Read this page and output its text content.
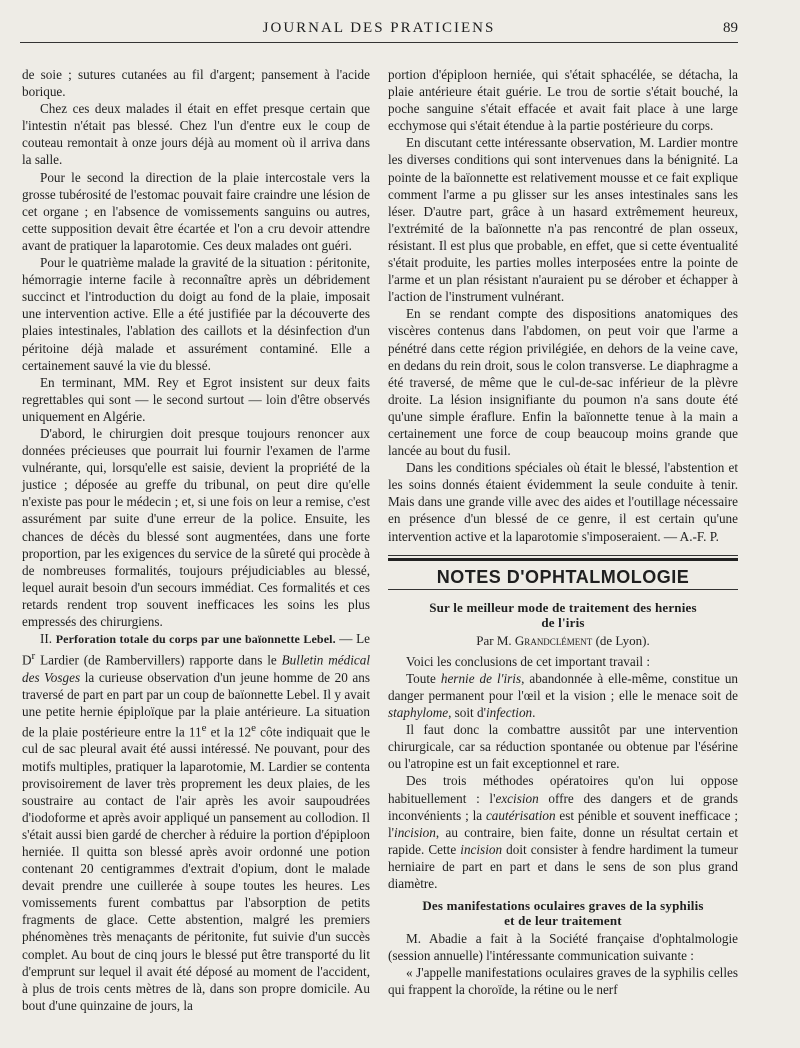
JOURNAL DES PRATICIENS	89

de soie ; sutures cutanées au fil d'argent; pansement à l'acide borique.

Chez ces deux malades il était en effet presque certain que l'intestin n'était pas blessé. Chez l'un d'entre eux le coup de couteau remontait à onze jours déjà au moment où il arriva dans la salle.

Pour le second la direction de la plaie intercostale vers la grosse tubérosité de l'estomac pouvait faire craindre une lésion de cet organe ; en l'absence de vomissements sanguins ou autres, cette supposition devait être écartée et l'on a cru devoir attendre avant de pratiquer la laparotomie. Ces deux malades ont guéri.

Pour le quatrième malade la gravité de la situation : péritonite, hémorragie interne facile à reconnaître après un débridement succinct et l'introduction du doigt au fond de la plaie, imposait une intervention active. Elle a été justifiée par la découverte des plaies intestinales, l'ablation des caillots et la désinfection d'un péritoine déjà malade et assurément contaminé. Elle a certainement sauvé la vie du blessé.

En terminant, MM. Rey et Egrot insistent sur deux faits regrettables qui sont — le second surtout — loin d'être observés uniquement en Algérie.

D'abord, le chirurgien doit presque toujours renoncer aux données précieuses que pourrait lui fournir l'examen de l'arme vulnérante, qui, lorsqu'elle est saisie, devient la propriété de la justice ; déposée au greffe du tribunal, on peut dire qu'elle n'existe pas pour le médecin ; et, si une fois on leur a remise, c'est assurément par suite d'une erreur de la police. Ensuite, les chances de décès du blessé sont augmentées, dans une forte proportion, par les exigences du service de la sûreté qui procède à de nombreuses formalités, toujours préjudiciables au blessé, lequel aurait besoin d'un secours immédiat. Ces formalités et ces retards rendent trop souvent inefficaces les soins les plus empressés des chirurgiens.

II. Perforation totale du corps par une baïonnette Lebel. — Le $D^r$ Lardier (de Rambervillers) rapporte dans le Bulletin médical des Vosges la curieuse observation d'un jeune homme de 20 ans traversé de part en part par un coup de baïonnette Lebel. Il y avait une petite hernie épiploïque par la plaie antérieure. La situation de la plaie postérieure entre la 11e et la 12e côte indiquait que le cul de sac pleural avait été aussi intéressé. Ne pouvant, pour des motifs multiples, pratiquer la laparotomie, M. Lardier se contenta provisoirement de laver très proprement les deux plaies, de les soustraire au contact de l'air après les avoir saupoudrées d'iodoforme et après avoir appliqué un pansement au collodion. Il s'était aussi bien gardé de chercher à réduire la portion d'épiploon herniée. Il quitta son blessé après avoir ordonné une potion contenant 20 centigrammes d'extrait d'opium, dont le malade devait prendre une cuillerée à soupe toutes les heures. Les vomissements furent combattus par l'absorption de petits fragments de glace. Cette abstention, malgré les premiers phénomènes très menaçants de péritonite, fut suivie d'un succès complet. Au bout de cinq jours le blessé put être transporté du lit d'emprunt sur lequel il avait été déposé au moment de l'accident, à plus de trois cents mètres de là, dans son propre domicile. Au bout d'une quinzaine de jours, la

portion d'épiploon herniée, qui s'était sphacélée, se détacha, la plaie antérieure était guérie. Le trou de sortie s'était bouché, la poche sanguine s'était effacée et avait fait place à une large ecchymose qui s'était étendue à la partie postérieure du corps.

En discutant cette intéressante observation, M. Lardier montre les diverses conditions qui sont intervenues dans la bénignité. La pointe de la baïonnette est relativement mousse et ce fait explique comment l'arme a pu glisser sur les anses intestinales sans les léser. D'autre part, grâce à un hasard extrêmement heureux, l'extrémité de la baïonnette n'a pas rencontré de plan osseux, résistant. Il est plus que probable, en effet, que si cette éventualité s'était produite, les parties molles interposées entre la pointe de l'arme et un plan résistant n'auraient pu se dérober et échapper à l'action de l'instrument vulnérant.

En se rendant compte des dispositions anatomiques des viscères contenus dans l'abdomen, on peut voir que l'arme a pénétré dans cette région privilégiée, en dehors de la veine cave, en dedans du rein droit, sous le colon transverse. Le diaphragme a été traversé, de même que le cul-de-sac inférieur de la plèvre droite. La lésion insignifiante du poumon n'a sans doute été qu'une simple éraflure. Enfin la baïonnette tenue à la main a certainement une force de coup beaucoup moins grande que lancée au bout du fusil.

Dans les conditions spéciales où était le blessé, l'abstention et les soins donnés étaient évidemment la seule conduite à tenir. Mais dans une grande ville avec des aides et l'outillage nécessaire en présence d'un blessé de ce genre, il est certain qu'une intervention active et la laparotomie s'imposeraient. — A.-F. P.

NOTES D'OPHTALMOLOGIE
Sur le meilleur mode de traitement des hernies
de l'iris
Par M. Grandclément (de Lyon).

Voici les conclusions de cet important travail :

Toute hernie de l'iris, abandonnée à elle-même, constitue un danger permanent pour l'œil et la vision ; elle le menace soit de staphylome, soit d'infection.

Il faut donc la combattre aussitôt par une intervention chirurgicale, car sa réduction spontanée ou obtenue par l'ésérine ou l'atropine est un fait exceptionnel et rare.

Des trois méthodes opératoires qu'on lui oppose habituellement : l'excision offre des dangers et de grands inconvénients ; la cautérisation est pénible et souvent inefficace ; l'incision, au contraire, bien faite, donne un résultat certain et rapide. Cette incision doit consister à fendre hardiment la tumeur herniaire de part en part et dans le sens de son plus grand diamètre.

Des manifestations oculaires graves de la syphilis
et de leur traitement

M. Abadie a fait à la Société française d'ophtalmologie (session annuelle) l'intéressante communication suivante :

« J'appelle manifestations oculaires graves de la syphilis celles qui frappent la choroïde, la rétine ou le nerf
